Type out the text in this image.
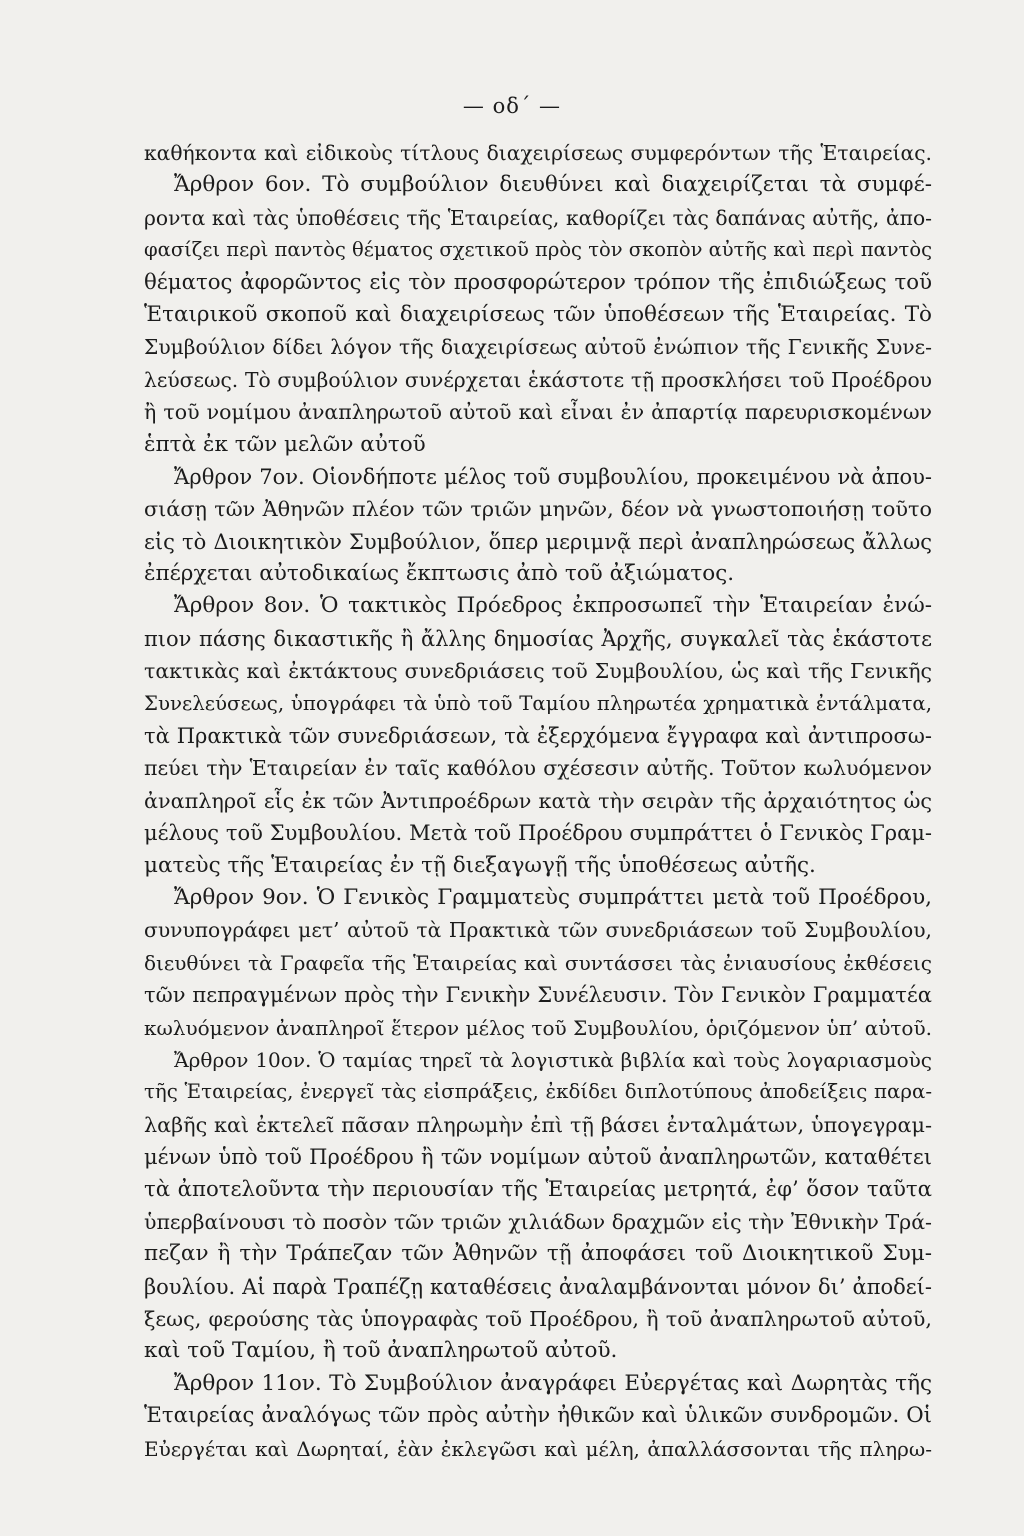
— οδ΄ —
καθήκοντα καὶ εἰδικοὺς τίτλους διαχειρίσεως συμφερόντων τῆς Ἑταιρείας.
Ἄρθρον 6ον. Τὸ συμβούλιον διευθύνει καὶ διαχειρίζεται τὰ συμφέ-
ροντα καὶ τὰς ὑποθέσεις τῆς Ἑταιρείας, καθορίζει τὰς δαπάνας αὐτῆς, ἀπο-
φασίζει περὶ παντὸς θέματος σχετικοῦ πρὸς τὸν σκοπὸν αὐτῆς καὶ περὶ παντὸς
θέματος ἀφορῶντος εἰς τὸν προσφορώτερον τρόπον τῆς ἐπιδιώξεως τοῦ
Ἑταιρικοῦ σκοποῦ καὶ διαχειρίσεως τῶν ὑποθέσεων τῆς Ἑταιρείας. Τὸ
Συμβούλιον δίδει λόγον τῆς διαχειρίσεως αὐτοῦ ἐνώπιον τῆς Γενικῆς Συνε-
λεύσεως. Τὸ συμβούλιον συνέρχεται ἑκάστοτε τῇ προσκλήσει τοῦ Προέδρου
ἢ τοῦ νομίμου ἀναπληρωτοῦ αὐτοῦ καὶ εἶναι ἐν ἀπαρτίᾳ παρευρισκομένων
ἑπτὰ ἐκ τῶν μελῶν αὐτοῦ
Ἄρθρον 7ον. Οἱονδήποτε μέλος τοῦ συμβουλίου, προκειμένου νὰ ἀπου-
σιάσῃ τῶν Ἀθηνῶν πλέον τῶν τριῶν μηνῶν, δέον νὰ γνωστοποιήσῃ τοῦτο
εἰς τὸ Διοικητικὸν Συμβούλιον, ὅπερ μεριμνᾷ περὶ ἀναπληρώσεως ἄλλως
ἐπέρχεται αὐτοδικαίως ἔκπτωσις ἀπὸ τοῦ ἀξιώματος.
Ἄρθρον 8ον. Ὁ τακτικὸς Πρόεδρος ἐκπροσωπεῖ τὴν Ἑταιρείαν ἐνώ-
πιον πάσης δικαστικῆς ἢ ἄλλης δημοσίας Ἀρχῆς, συγκαλεῖ τὰς ἑκάστοτε
τακτικὰς καὶ ἐκτάκτους συνεδριάσεις τοῦ Συμβουλίου, ὡς καὶ τῆς Γενικῆς
Συνελεύσεως, ὑπογράφει τὰ ὑπὸ τοῦ Ταμίου πληρωτέα χρηματικὰ ἐντάλματα,
τὰ Πρακτικὰ τῶν συνεδριάσεων, τὰ ἐξερχόμενα ἔγγραφα καὶ ἀντιπροσω-
πεύει τὴν Ἑταιρείαν ἐν ταῖς καθόλου σχέσεσιν αὐτῆς. Τοῦτον κωλυόμενον
ἀναπληροῖ εἷς ἐκ τῶν Ἀντιπροέδρων κατὰ τὴν σειρὰν τῆς ἀρχαιότητος ὡς
μέλους τοῦ Συμβουλίου. Μετὰ τοῦ Προέδρου συμπράττει ὁ Γενικὸς Γραμ-
ματεὺς τῆς Ἑταιρείας ἐν τῇ διεξαγωγῇ τῆς ὑποθέσεως αὐτῆς.
Ἄρθρον 9ον. Ὁ Γενικὸς Γραμματεὺς συμπράττει μετὰ τοῦ Προέδρου,
συνυπογράφει μετ’ αὐτοῦ τὰ Πρακτικὰ τῶν συνεδριάσεων τοῦ Συμβουλίου,
διευθύνει τὰ Γραφεῖα τῆς Ἑταιρείας καὶ συντάσσει τὰς ἐνιαυσίους ἐκθέσεις
τῶν πεπραγμένων πρὸς τὴν Γενικὴν Συνέλευσιν. Τὸν Γενικὸν Γραμματέα
κωλυόμενον ἀναπληροῖ ἕτερον μέλος τοῦ Συμβουλίου, ὁριζόμενον ὑπ’ αὐτοῦ.
Ἄρθρον 10ον. Ὁ ταμίας τηρεῖ τὰ λογιστικὰ βιβλία καὶ τοὺς λογαριασμοὺς
τῆς Ἑταιρείας, ἐνεργεῖ τὰς εἰσπράξεις, ἐκδίδει διπλοτύπους ἀποδείξεις παρα-
λαβῆς καὶ ἐκτελεῖ πᾶσαν πληρωμὴν ἐπὶ τῇ βάσει ἐνταλμάτων, ὑπογεγραμ-
μένων ὑπὸ τοῦ Προέδρου ἢ τῶν νομίμων αὐτοῦ ἀναπληρωτῶν, καταθέτει
τὰ ἀποτελοῦντα τὴν περιουσίαν τῆς Ἑταιρείας μετρητά, ἐφ’ ὅσον ταῦτα
ὑπερβαίνουσι τὸ ποσὸν τῶν τριῶν χιλιάδων δραχμῶν εἰς τὴν Ἐθνικὴν Τρά-
πεζαν ἢ τὴν Τράπεζαν τῶν Ἀθηνῶν τῇ ἀποφάσει τοῦ Διοικητικοῦ Συμ-
βουλίου. Αἱ παρὰ Τραπέζῃ καταθέσεις ἀναλαμβάνονται μόνον δι’ ἀποδεί-
ξεως, φερούσης τὰς ὑπογραφὰς τοῦ Προέδρου, ἢ τοῦ ἀναπληρωτοῦ αὐτοῦ,
καὶ τοῦ Ταμίου, ἢ τοῦ ἀναπληρωτοῦ αὐτοῦ.
Ἄρθρον 11ον. Τὸ Συμβούλιον ἀναγράφει Εὐεργέτας καὶ Δωρητὰς τῆς
Ἑταιρείας ἀναλόγως τῶν πρὸς αὐτὴν ἠθικῶν καὶ ὑλικῶν συνδρομῶν. Οἱ
Εὐεργέται καὶ Δωρηταί, ἐὰν ἐκλεγῶσι καὶ μέλη, ἀπαλλάσσονται τῆς πληρω-
